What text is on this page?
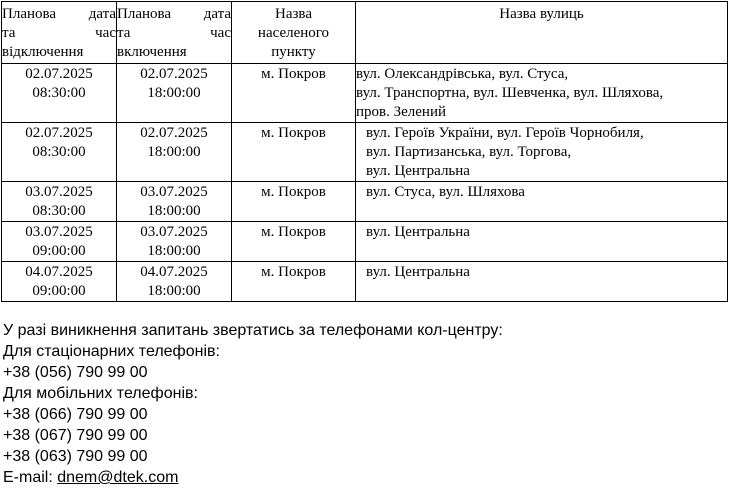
Планова дата
та час
відключення	Планова дата
та час
включення	Назва
населеного
пункту	Назва вулиць

02.07.2025
08:30:00	02.07.2025
18:00:00	м. Покров	вул. Олександрівська, вул. Стуса,
вул. Транспортна, вул. Шевченка, вул. Шляхова,
пров. Зелений

02.07.2025
08:30:00	02.07.2025
18:00:00	м. Покров	вул. Героїв України, вул. Героїв Чорнобиля,
вул. Партизанська, вул. Торгова,
вул. Центральна

03.07.2025
08:30:00	03.07.2025
18:00:00	м. Покров	вул. Стуса, вул. Шляхова

03.07.2025
09:00:00	03.07.2025
18:00:00	м. Покров	вул. Центральна

04.07.2025
09:00:00	04.07.2025
18:00:00	м. Покров	вул. Центральна
У разі виникнення запитань звертатись за телефонами кол-центру:
Для стаціонарних телефонів:
+38 (056) 790 99 00
Для мобільних телефонів:
+38 (066) 790 99 00
+38 (067) 790 99 00
+38 (063) 790 99 00
E-mail: dnem@dtek.com
